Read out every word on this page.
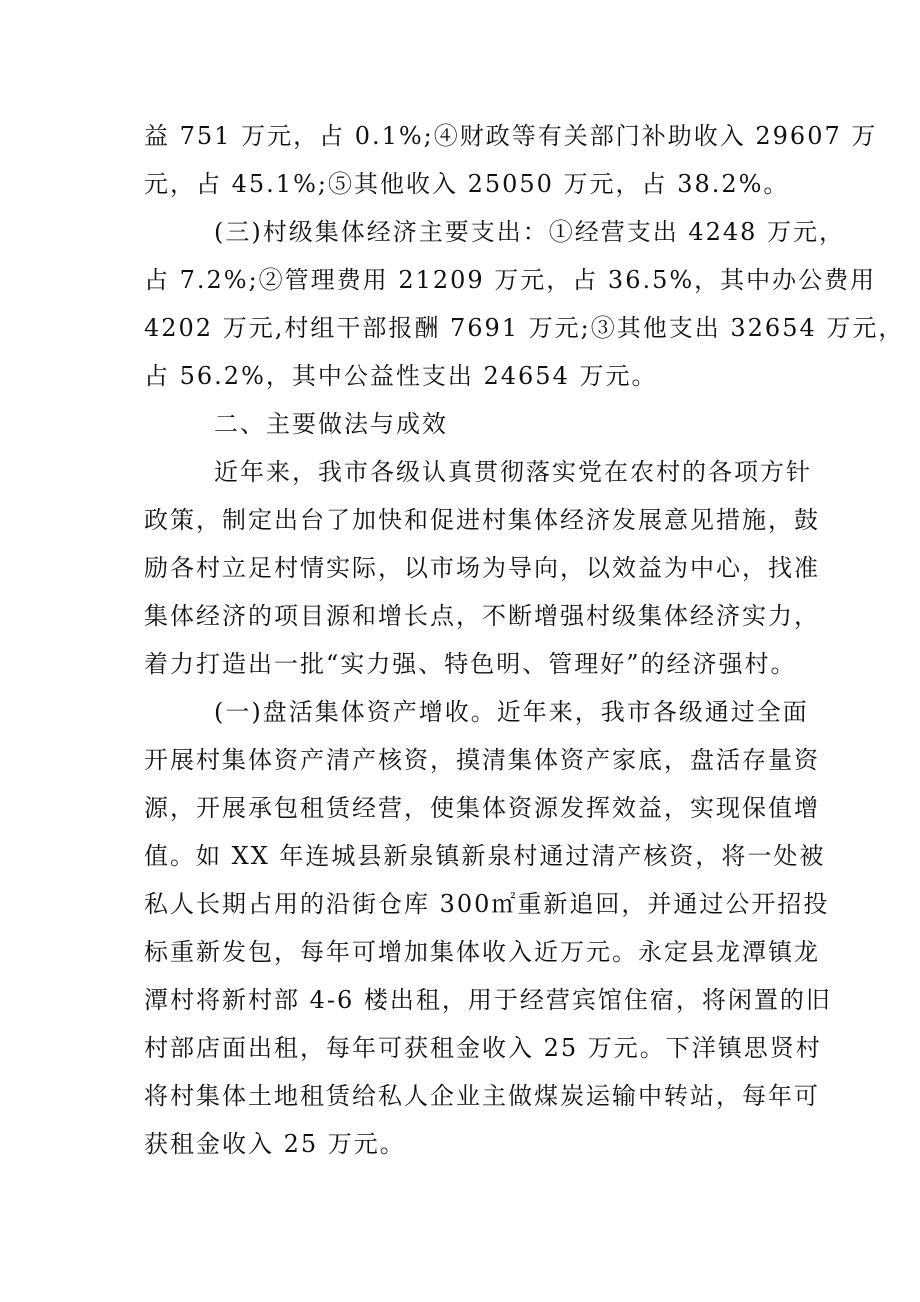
益 751 万元，占 0.1%;④财政等有关部门补助收入 29607 万
元，占 45.1%;⑤其他收入 25050 万元，占 38.2%。
(三)村级集体经济主要支出：①经营支出 4248 万元，
占 7.2%;②管理费用 21209 万元，占 36.5%，其中办公费用
4202 万元,村组干部报酬 7691 万元;③其他支出 32654 万元，
占 56.2%，其中公益性支出 24654 万元。
二、主要做法与成效
近年来，我市各级认真贯彻落实党在农村的各项方针
政策，制定出台了加快和促进村集体经济发展意见措施，鼓
励各村立足村情实际，以市场为导向，以效益为中心，找准
集体经济的项目源和增长点，不断增强村级集体经济实力，
着力打造出一批“实力强、特色明、管理好”的经济强村。
(一)盘活集体资产增收。近年来，我市各级通过全面
开展村集体资产清产核资，摸清集体资产家底，盘活存量资
源，开展承包租赁经营，使集体资源发挥效益，实现保值增
值。如 XX 年连城县新泉镇新泉村通过清产核资，将一处被
私人长期占用的沿街仓库 300㎡重新追回，并通过公开招投
标重新发包，每年可增加集体收入近万元。永定县龙潭镇龙
潭村将新村部 4-6 楼出租，用于经营宾馆住宿，将闲置的旧
村部店面出租，每年可获租金收入 25 万元。下洋镇思贤村
将村集体土地租赁给私人企业主做煤炭运输中转站，每年可
获租金收入 25 万元。
